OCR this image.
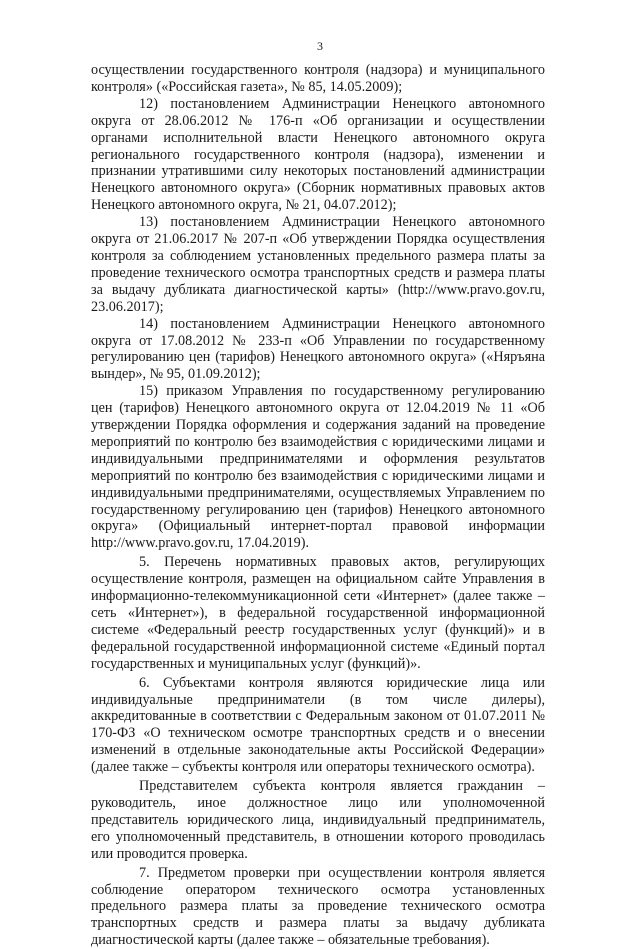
3

осуществлении государственного контроля (надзора) и муниципального контроля» («Российская газета», № 85, 14.05.2009);

12) постановлением Администрации Ненецкого автономного округа от 28.06.2012 № 176-п «Об организации и осуществлении органами исполнительной власти Ненецкого автономного округа регионального государственного контроля (надзора), изменении и признании утратившими силу некоторых постановлений администрации Ненецкого автономного округа» (Сборник нормативных правовых актов Ненецкого автономного округа, № 21, 04.07.2012);

13) постановлением Администрации Ненецкого автономного округа от 21.06.2017 № 207-п «Об утверждении Порядка осуществления контроля за соблюдением установленных предельного размера платы за проведение технического осмотра транспортных средств и размера платы за выдачу дубликата диагностической карты» (http://www.pravo.gov.ru, 23.06.2017);

14) постановлением Администрации Ненецкого автономного округа от 17.08.2012 № 233-п «Об Управлении по государственному регулированию цен (тарифов) Ненецкого автономного округа» («Няръяна вындер», № 95, 01.09.2012);

15) приказом Управления по государственному регулированию цен (тарифов) Ненецкого автономного округа от 12.04.2019 № 11 «Об утверждении Порядка оформления и содержания заданий на проведение мероприятий по контролю без взаимодействия с юридическими лицами и индивидуальными предпринимателями и оформления результатов мероприятий по контролю без взаимодействия с юридическими лицами и индивидуальными предпринимателями, осуществляемых Управлением по государственному регулированию цен (тарифов) Ненецкого автономного округа» (Официальный интернет-портал правовой информации http://www.pravo.gov.ru, 17.04.2019).

5. Перечень нормативных правовых актов, регулирующих осуществление контроля, размещен на официальном сайте Управления в информационно-телекоммуникационной сети «Интернет» (далее также – сеть «Интернет»), в федеральной государственной информационной системе «Федеральный реестр государственных услуг (функций)» и в федеральной государственной информационной системе «Единый портал государственных и муниципальных услуг (функций)».

6. Субъектами контроля являются юридические лица или индивидуальные предприниматели (в том числе дилеры), аккредитованные в соответствии с Федеральным законом от 01.07.2011 № 170-ФЗ «О техническом осмотре транспортных средств и о внесении изменений в отдельные законодательные акты Российской Федерации» (далее также – субъекты контроля или операторы технического осмотра).

Представителем субъекта контроля является гражданин – руководитель, иное должностное лицо или уполномоченной представитель юридического лица, индивидуальный предприниматель, его уполномоченный представитель, в отношении которого проводилась или проводится проверка.

7. Предметом проверки при осуществлении контроля является соблюдение оператором технического осмотра установленных предельного размера платы за проведение технического осмотра транспортных средств и размера платы за выдачу дубликата диагностической карты (далее также – обязательные требования).
